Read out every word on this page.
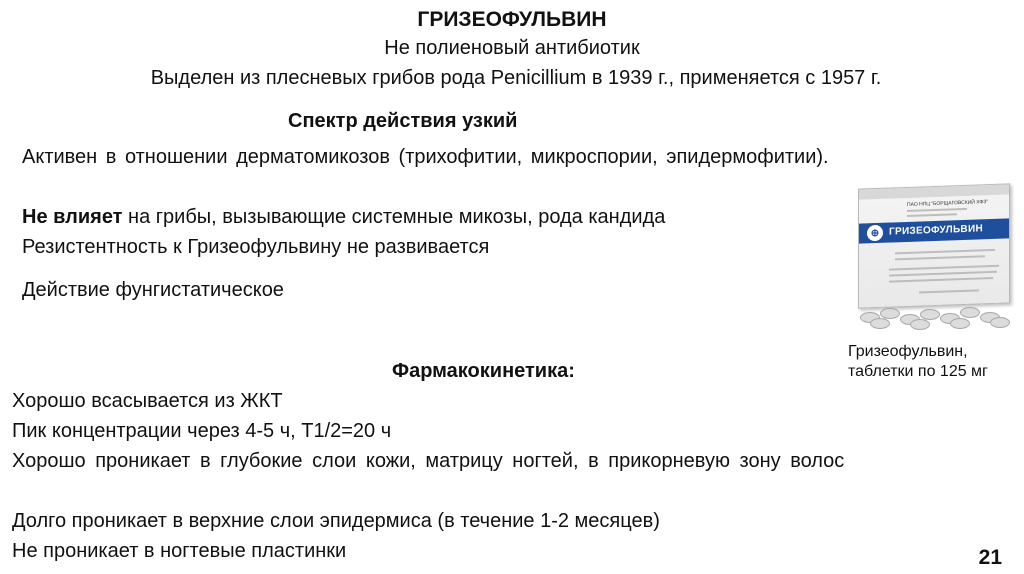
ГРИЗЕОФУЛЬВИН
Не полиеновый антибиотик
Выделен из плесневых грибов рода Penicillium в 1939 г., применяется с 1957 г.
Спектр действия узкий
Активен в отношении дерматомикозов (трихофитии, микроспории, эпидермофитии).
Не влияет на грибы, вызывающие системные микозы, рода кандида
Резистентность к Гризеофульвину не развивается
Действие фунгистатическое
Фармакокинетика:
Хорошо всасывается из ЖКТ
Пик концентрации через 4-5 ч, T1/2=20 ч
Хорошо проникает в глубокие слои кожи, матрицу ногтей, в прикорневую зону волос
Долго проникает в верхние слои эпидермиса (в течение 1-2 месяцев)
Не проникает в ногтевые пластинки
ПАО НПЦ "БОРЩАГОВСКИЙ ХФЗ"
⊕ ГРИЗЕОФУЛЬВИН
Гризеофульвин,
таблетки по 125 мг
21
